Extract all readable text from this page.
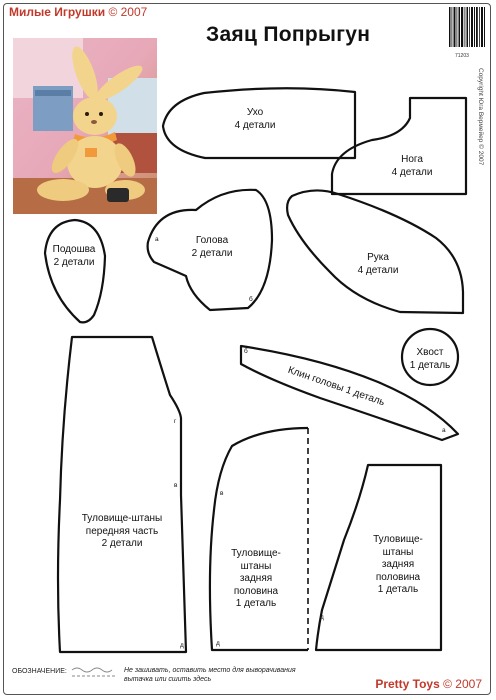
Милые Игрушки © 2007
Заяц Попрыгун
71203
Copyright Юга Вермейер © 2007
Ухо
4 детали
Нога
4 детали
Голова
2 детали
Подошва
2 детали	Рука
4 детали
Хвост
1 деталь
Клин головы 1 деталь
Туловище-штаны
передняя часть
2 детали
Туловище-
штаны
задняя
половина
1 деталь
Туловище-
штаны
задняя
половина
1 деталь
а
б
б
а
г
в
д
в
д
д
ОБОЗНАЧЕНИЕ:	Не зашивать, оставить место для выворачивания
вытачка или сшить здесь	Pretty Toys © 2007
